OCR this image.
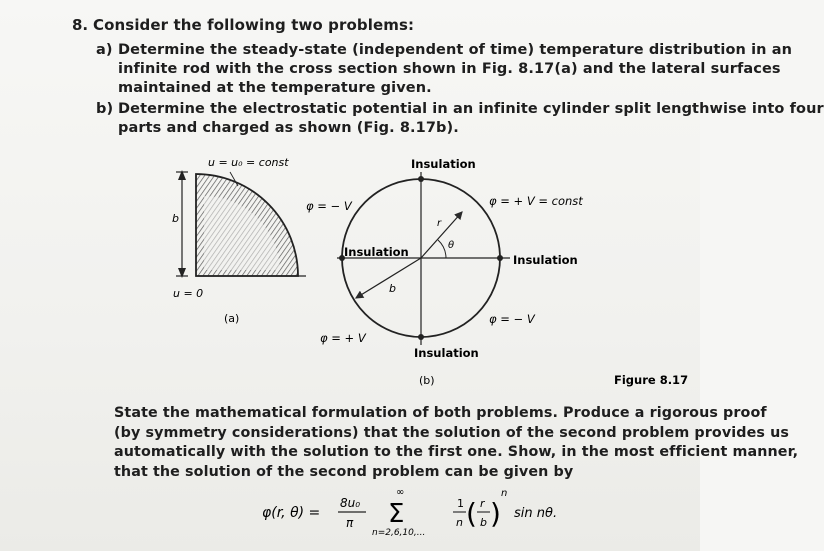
8. Consider the following two problems:
a) Determine the steady-state (independent of time) temperature distribution in an
infinite rod with the cross section shown in Fig. 8.17(a) and the lateral surfaces
maintained at the temperature given.
b) Determine the electrostatic potential in an infinite cylinder split lengthwise into four
parts and charged as shown (Fig. 8.17b).
u = u₀ = const
b
u = 0
(a)
θ
r
b
Insulation
Insulation
Insulation
Insulation
φ = − V	φ = + V = const
φ = − V
φ = + V
(b)	Figure 8.17
State the mathematical formulation of both problems. Produce a rigorous proof
(by symmetry considerations) that the solution of the second problem provides us
automatically with the solution to the first one. Show, in the most efficient manner,
that the solution of the second problem can be given by
φ(r, θ) =
8u₀
π
∞
Σ
n=2,6,10,...
1
n ( r
b )
n
sin nθ.
